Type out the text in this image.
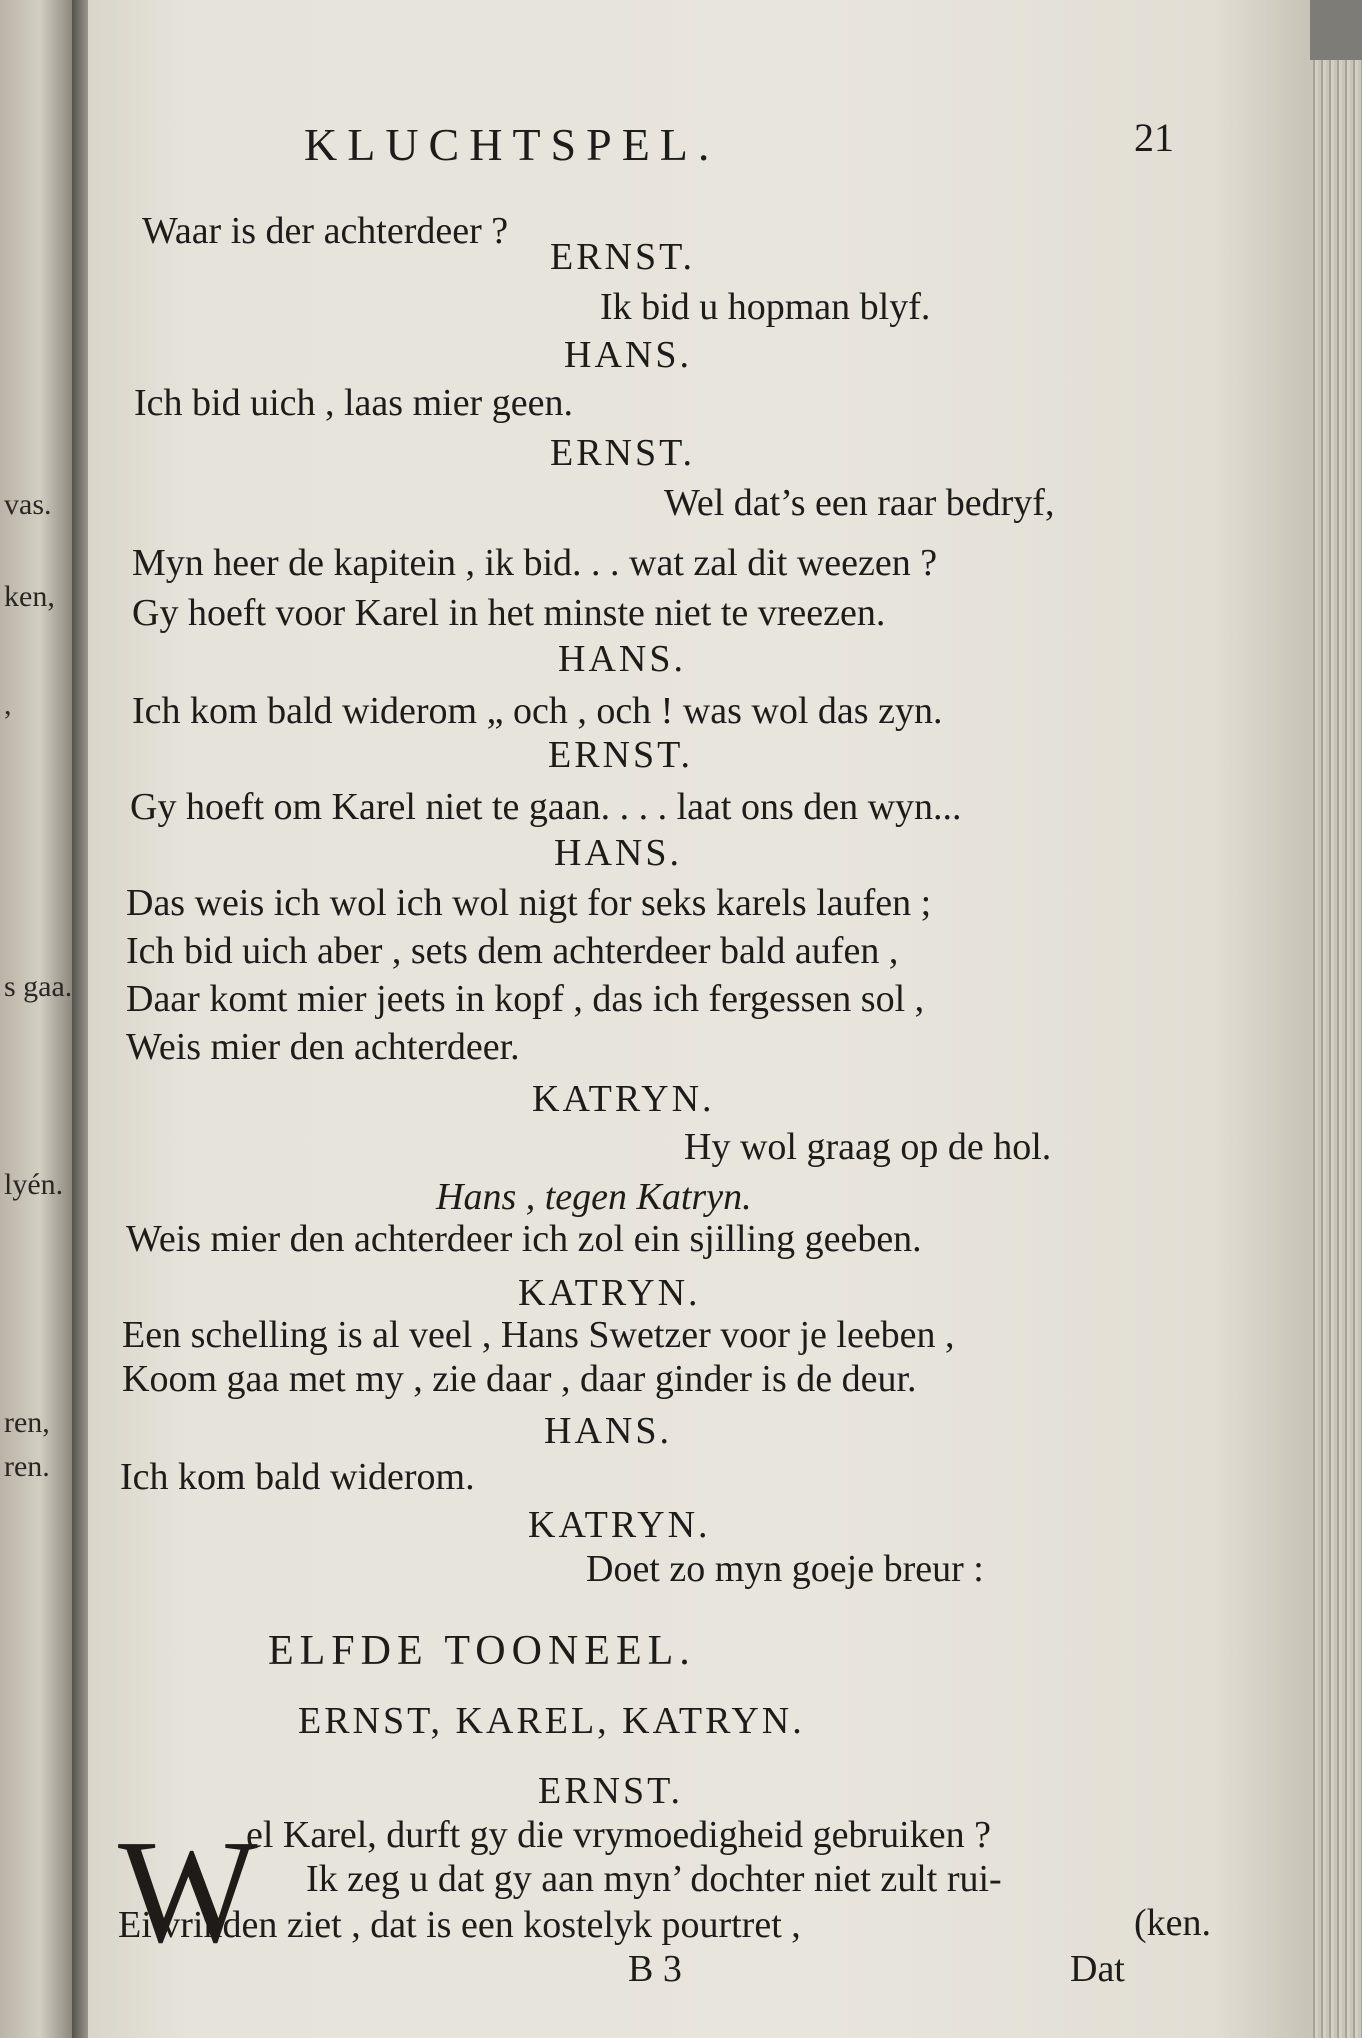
vas.
ken,
,
s gaa.
lyén.
ren,
ren.
KLUCHTSPEL.	21
Waar is der achterdeer ?
ERNST.
Ik bid u hopman blyf.
HANS.
Ich bid uich , laas mier geen.
ERNST.
Wel dat’s een raar bedryf,
Myn heer de kapitein , ik bid. . . wat zal dit weezen ?
Gy hoeft voor Karel in het minste niet te vreezen.
HANS.
Ich kom bald widerom „ och , och ! was wol das zyn.
ERNST.
Gy hoeft om Karel niet te gaan. . . . laat ons den wyn...
HANS.
Das weis ich wol ich wol nigt for seks karels laufen ;
Ich bid uich aber , sets dem achterdeer bald aufen ,
Daar komt mier jeets in kopf , das ich fergessen sol ,
Weis mier den achterdeer.
KATRYN.
Hy wol graag op de hol.
Hans , tegen Katryn.
Weis mier den achterdeer ich zol ein sjilling geeben.
KATRYN.
Een schelling is al veel , Hans Swetzer voor je leeben ,
Koom gaa met my , zie daar , daar ginder is de deur.
HANS.
Ich kom bald widerom.
KATRYN.
Doet zo myn goeje breur :
ELFDE TOONEEL.
ERNST, KAREL, KATRYN.
ERNST.
W
el Karel, durft gy die vrymoedigheid gebruiken ?
Ik zeg u dat gy aan myn’ dochter niet zult rui-
Ei vrinden ziet , dat is een kostelyk pourtret ,	(ken.
B 3	Dat
